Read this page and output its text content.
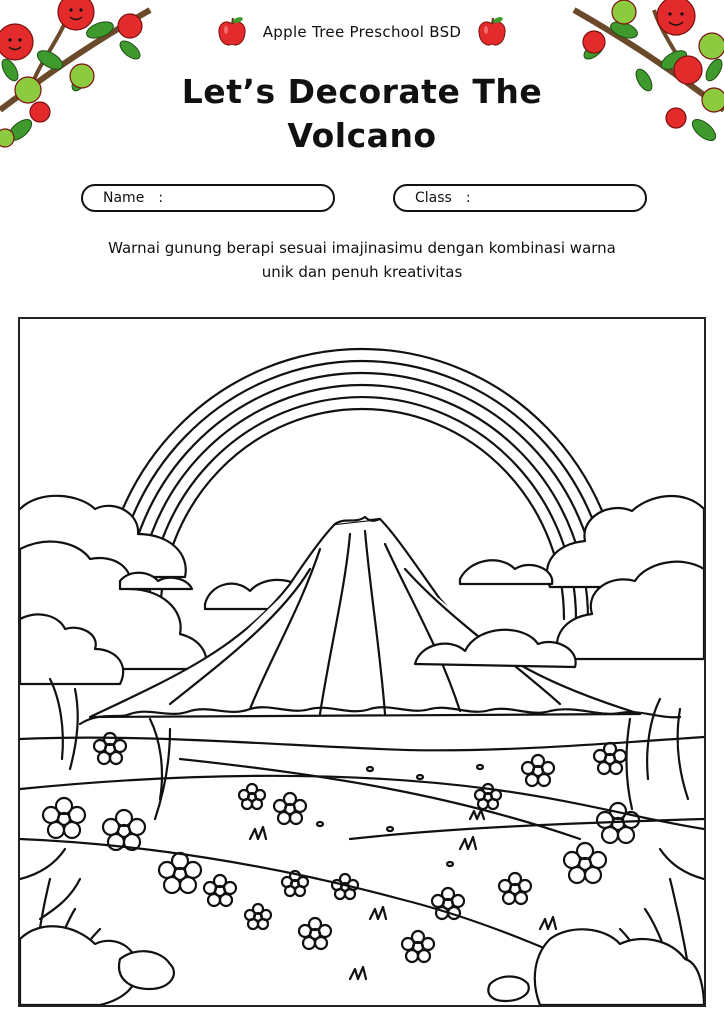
Apple Tree Preschool BSD
Let’s Decorate The
Volcano
Name :	Class :
Warnai gunung berapi sesuai imajinasimu dengan kombinasi warna
unik dan penuh kreativitas
